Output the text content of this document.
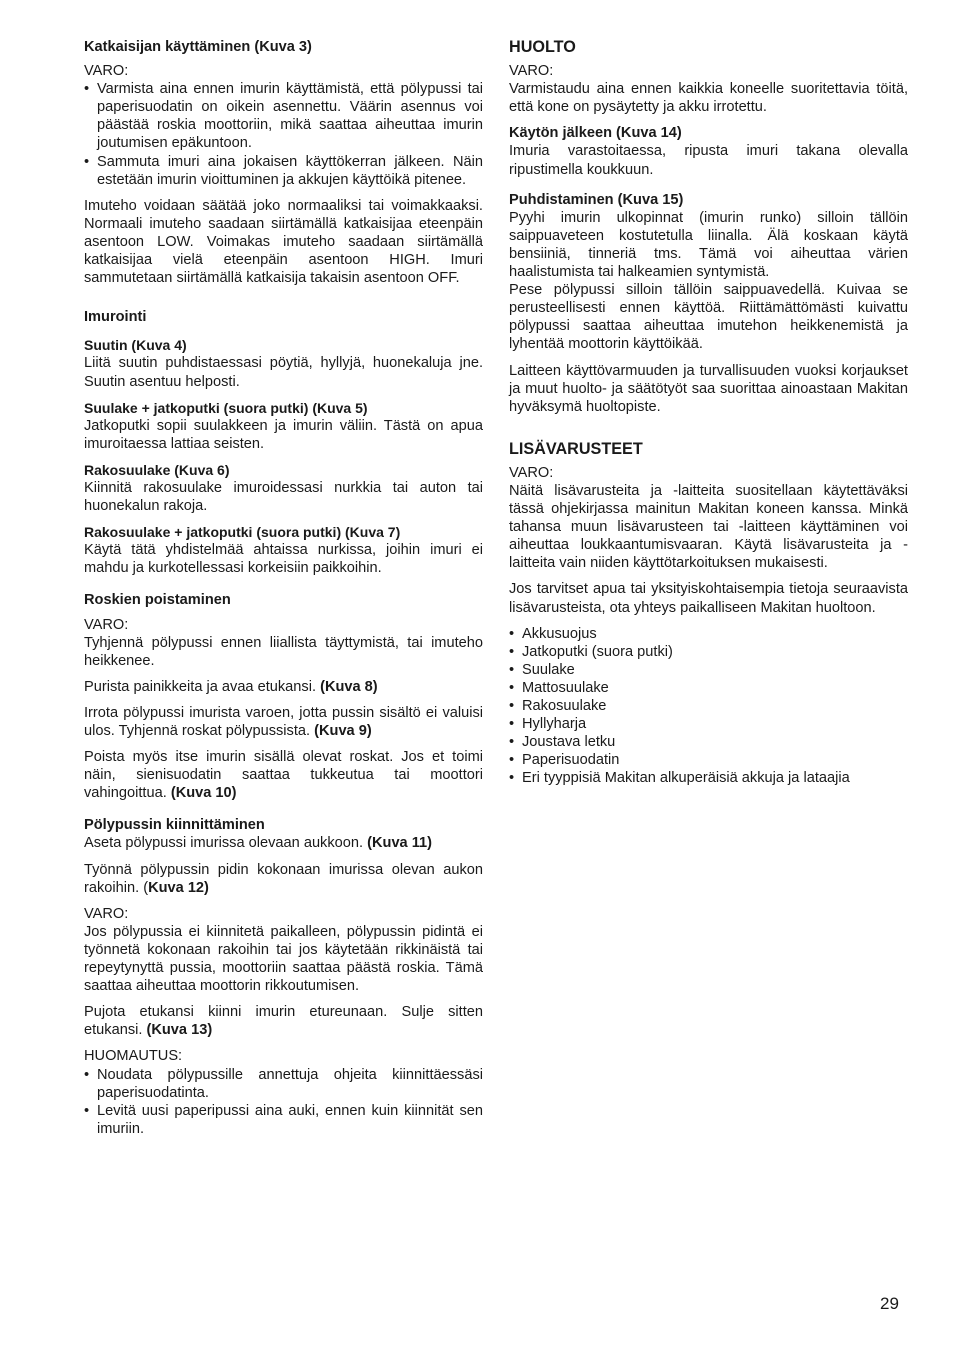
Katkaisijan käyttäminen (Kuva 3)

VARO:

• Varmista aina ennen imurin käyttämistä, että pölypussi tai paperisuodatin on oikein asennettu. Väärin asennus voi päästää roskia moottoriin, mikä saattaa aiheuttaa imurin joutumisen epäkuntoon.
• Sammuta imuri aina jokaisen käyttökerran jälkeen. Näin estetään imurin vioittuminen ja akkujen käyttöikä pitenee.

Imuteho voidaan säätää joko normaaliksi tai voimakkaaksi. Normaali imuteho saadaan siirtämällä katkaisijaa eteenpäin asentoon LOW. Voimakas imuteho saadaan siirtämällä katkaisijaa vielä eteenpäin asentoon HIGH. Imuri sammutetaan siirtämällä katkaisija takaisin asentoon OFF.

Imurointi
Suutin (Kuva 4)

Liitä suutin puhdistaessasi pöytiä, hyllyjä, huonekaluja jne. Suutin asentuu helposti.

Suulake + jatkoputki (suora putki) (Kuva 5)

Jatkoputki sopii suulakkeen ja imurin väliin. Tästä on apua imuroitaessa lattiaa seisten.

Rakosuulake (Kuva 6)

Kiinnitä rakosuulake imuroidessasi nurkkia tai auton tai huonekalun rakoja.

Rakosuulake + jatkoputki (suora putki) (Kuva 7)

Käytä tätä yhdistelmää ahtaissa nurkissa, joihin imuri ei mahdu ja kurkotellessasi korkeisiin paikkoihin.

Roskien poistaminen

VARO:

Tyhjennä pölypussi ennen liiallista täyttymistä, tai imuteho heikkenee.

Purista painikkeita ja avaa etukansi. (Kuva 8)

Irrota pölypussi imurista varoen, jotta pussin sisältö ei valuisi ulos. Tyhjennä roskat pölypussista. (Kuva 9)

Poista myös itse imurin sisällä olevat roskat. Jos et toimi näin, sienisuodatin saattaa tukkeutua tai moottori vahingoittua. (Kuva 10)

Pölypussin kiinnittäminen

Aseta pölypussi imurissa olevaan aukkoon. (Kuva 11)

Työnnä pölypussin pidin kokonaan imurissa olevan aukon rakoihin. (Kuva 12)

VARO:

Jos pölypussia ei kiinnitetä paikalleen, pölypussin pidintä ei työnnetä kokonaan rakoihin tai jos käytetään rikkinäistä tai repeytynyttä pussia, moottoriin saattaa päästä roskia. Tämä saattaa aiheuttaa moottorin rikkoutumisen.

Pujota etukansi kiinni imurin etureunaan. Sulje sitten etukansi. (Kuva 13)

HUOMAUTUS:

• Noudata pölypussille annettuja ohjeita kiinnittäessäsi paperisuodatinta.
• Levitä uusi paperipussi aina auki, ennen kuin kiinnität sen imuriin.
HUOLTO

VARO:

Varmistaudu aina ennen kaikkia koneelle suoritettavia töitä, että kone on pysäytetty ja akku irrotettu.

Käytön jälkeen (Kuva 14)

Imuria varastoitaessa, ripusta imuri takana olevalla ripustimella koukkuun.

Puhdistaminen (Kuva 15)

Pyyhi imurin ulkopinnat (imurin runko) silloin tällöin saippuaveteen kostutetulla liinalla. Älä koskaan käytä bensiiniä, tinneriä tms. Tämä voi aiheuttaa värien haalistumista tai halkeamien syntymistä.

Pese pölypussi silloin tällöin saippuavedellä. Kuivaa se perusteellisesti ennen käyttöä. Riittämättömästi kuivattu pölypussi saattaa aiheuttaa imutehon heikkenemistä ja lyhentää moottorin käyttöikää.

Laitteen käyttövarmuuden ja turvallisuuden vuoksi korjaukset ja muut huolto- ja säätötyöt saa suorittaa ainoastaan Makitan hyväksymä huoltopiste.

LISÄVARUSTEET

VARO:

Näitä lisävarusteita ja -laitteita suositellaan käytettäväksi tässä ohjekirjassa mainitun Makitan koneen kanssa. Minkä tahansa muun lisävarusteen tai -laitteen käyttäminen voi aiheuttaa loukkaantumisvaaran. Käytä lisävarusteita ja -laitteita vain niiden käyttötarkoituksen mukaisesti.

Jos tarvitset apua tai yksityiskohtaisempia tietoja seuraavista lisävarusteista, ota yhteys paikalliseen Makitan huoltoon.

• Akkusuojus
• Jatkoputki (suora putki)
• Suulake
• Mattosuulake
• Rakosuulake
• Hyllyharja
• Joustava letku
• Paperisuodatin
• Eri tyyppisiä Makitan alkuperäisiä akkuja ja lataajia
29
